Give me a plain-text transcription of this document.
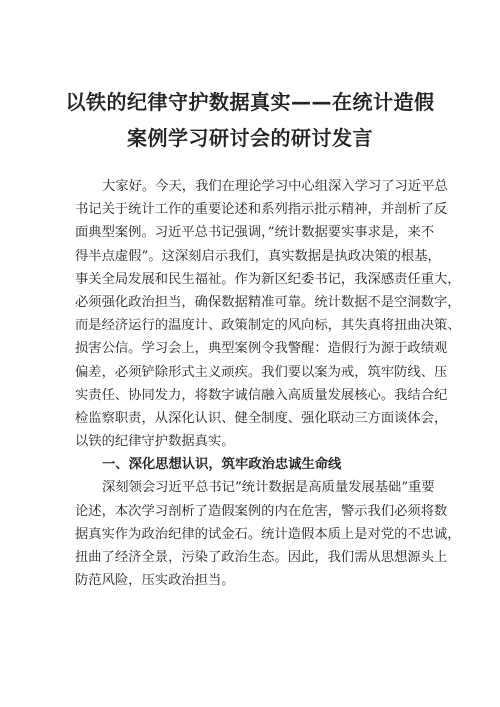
以铁的纪律守护数据真实——在统计造假
案例学习研讨会的研讨发言
大家好。今天，我们在理论学习中心组深入学习了习近平总
书记关于统计工作的重要论述和系列指示批示精神，并剖析了反
面典型案例。习近平总书记强调，”统计数据要实事求是，来不
得半点虚假”。这深刻启示我们，真实数据是执政决策的根基，
事关全局发展和民生福祉。作为新区纪委书记，我深感责任重大，
必须强化政治担当，确保数据精准可靠。统计数据不是空洞数字，
而是经济运行的温度计、政策制定的风向标，其失真将扭曲决策、
损害公信。学习会上，典型案例令我警醒：造假行为源于政绩观
偏差，必须铲除形式主义顽疾。我们要以案为戒，筑牢防线、压
实责任、协同发力，将数字诚信融入高质量发展核心。我结合纪
检监察职责，从深化认识、健全制度、强化联动三方面谈体会，
以铁的纪律守护数据真实。
一、深化思想认识，筑牢政治忠诚生命线
深刻领会习近平总书记”统计数据是高质量发展基础”重要
论述，本次学习剖析了造假案例的内在危害，警示我们必须将数
据真实作为政治纪律的试金石。统计造假本质上是对党的不忠诚，
扭曲了经济全景，污染了政治生态。因此，我们需从思想源头上
防范风险，压实政治担当。
